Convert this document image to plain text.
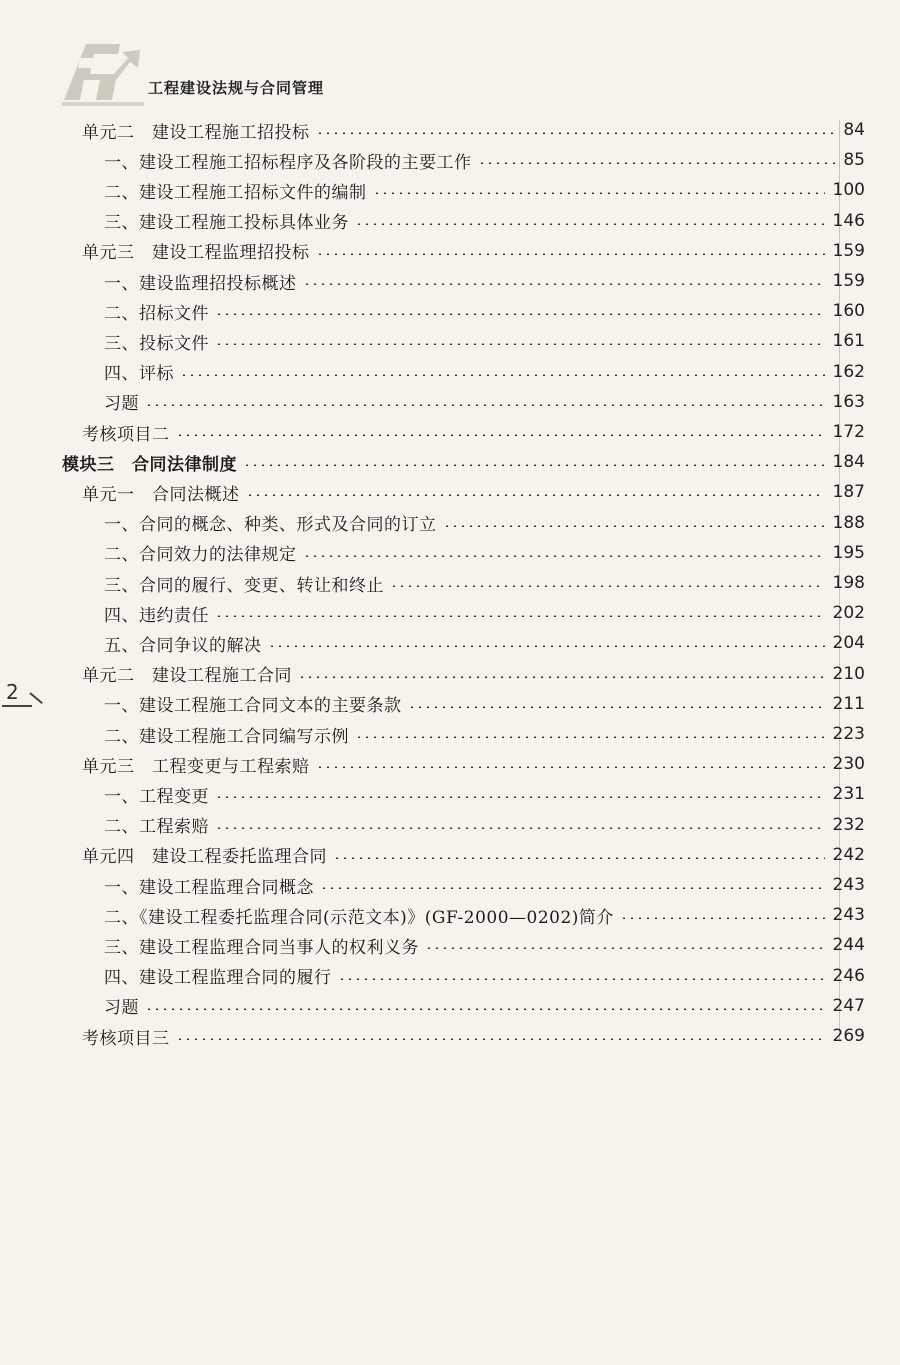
工程建设法规与合同管理
单元二　建设工程施工招投标	84
一、建设工程施工招标程序及各阶段的主要工作	85
二、建设工程施工招标文件的编制	100
三、建设工程施工投标具体业务	146
单元三　建设工程监理招投标	159
一、建设监理招投标概述	159
二、招标文件	160
三、投标文件	161
四、评标	162
习题	163
考核项目二	172
模块三　合同法律制度	184
单元一　合同法概述	187
一、合同的概念、种类、形式及合同的订立	188
二、合同效力的法律规定	195
三、合同的履行、变更、转让和终止	198
四、违约责任	202
五、合同争议的解决	204
单元二　建设工程施工合同	210
一、建设工程施工合同文本的主要条款	211
二、建设工程施工合同编写示例	223
单元三　工程变更与工程索赔	230
一、工程变更	231
二、工程索赔	232
单元四　建设工程委托监理合同	242
一、建设工程监理合同概念	243
二、《建设工程委托监理合同(示范文本)》(GF-2000—0202)简介	243
三、建设工程监理合同当事人的权利义务	244
四、建设工程监理合同的履行	246
习题	247
考核项目三	269
2
